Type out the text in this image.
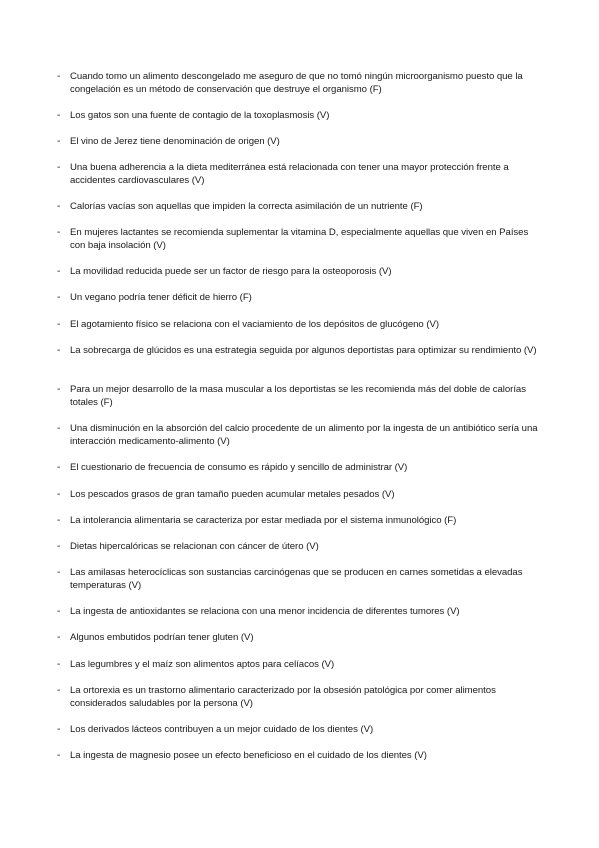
-	Cuando tomo un alimento descongelado me aseguro de que no tomó ningún microorganismo puesto que la congelación es un método de conservación que destruye el organismo (F)
-	Los gatos son una fuente de contagio de la toxoplasmosis (V)
-	El vino de Jerez tiene denominación de origen (V)
-	Una buena adherencia a la dieta mediterránea está relacionada con tener una mayor protección frente a accidentes cardiovasculares (V)
-	Calorías vacías son aquellas que impiden la correcta asimilación de un nutriente (F)
-	En mujeres lactantes se recomienda suplementar la vitamina D, especialmente aquellas que viven en Países con baja insolación (V)
-	La movilidad reducida puede ser un factor de riesgo para la osteoporosis (V)
-	Un vegano podría tener déficit de hierro (F)
-	El agotamiento físico se relaciona con el vaciamiento de los depósitos de glucógeno (V)
-	La sobrecarga de glúcidos es una estrategia seguida por algunos deportistas para optimizar su rendimiento (V)
-	Para un mejor desarrollo de la masa muscular a los deportistas se les recomienda más del doble de calorías totales (F)
-	Una disminución en la absorción del calcio procedente de un alimento por la ingesta de un antibiótico sería una interacción medicamento-alimento (V)
-	El cuestionario de frecuencia de consumo es rápido y sencillo de administrar (V)
-	Los pescados grasos de gran tamaño pueden acumular metales pesados (V)
-	La intolerancia alimentaria se caracteriza por estar mediada por el sistema inmunológico (F)
-	Dietas hipercalóricas se relacionan con cáncer de útero (V)
-	Las amilasas heterocíclicas son sustancias carcinógenas que se producen en carnes sometidas a elevadas temperaturas (V)
-	La ingesta de antioxidantes se relaciona con una menor incidencia de diferentes tumores (V)
-	Algunos embutidos podrían tener gluten (V)
-	Las legumbres y el maíz son alimentos aptos para celíacos (V)
-	La ortorexia es un trastorno alimentario caracterizado por la obsesión patológica por comer alimentos considerados saludables por la persona (V)
-	Los derivados lácteos contribuyen a un mejor cuidado de los dientes (V)
-	La ingesta de magnesio posee un efecto beneficioso en el cuidado de los dientes (V)
